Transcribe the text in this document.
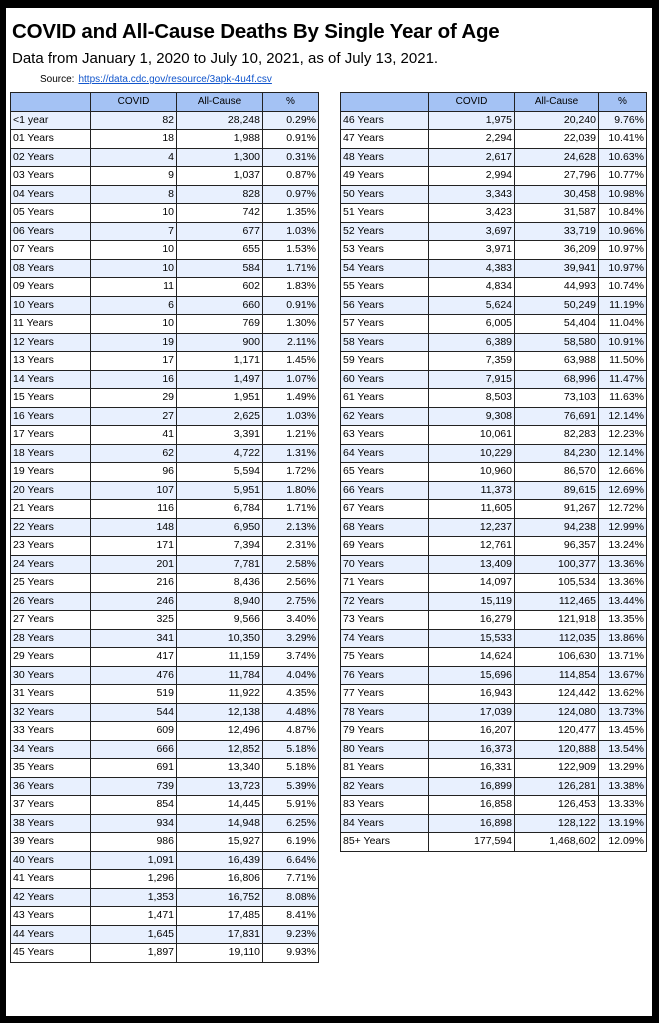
COVID and All-Cause Deaths By Single Year of Age
Data from January 1, 2020 to July 10, 2021, as of July 13, 2021.
Source: https://data.cdc.gov/resource/3apk-4u4f.csv
	COVID	All-Cause	%
<1 year	82	28,248	0.29%
01 Years	18	1,988	0.91%
02 Years	4	1,300	0.31%
03 Years	9	1,037	0.87%
04 Years	8	828	0.97%
05 Years	10	742	1.35%
06 Years	7	677	1.03%
07 Years	10	655	1.53%
08 Years	10	584	1.71%
09 Years	11	602	1.83%
10 Years	6	660	0.91%
11 Years	10	769	1.30%
12 Years	19	900	2.11%
13 Years	17	1,171	1.45%
14 Years	16	1,497	1.07%
15 Years	29	1,951	1.49%
16 Years	27	2,625	1.03%
17 Years	41	3,391	1.21%
18 Years	62	4,722	1.31%
19 Years	96	5,594	1.72%
20 Years	107	5,951	1.80%
21 Years	116	6,784	1.71%
22 Years	148	6,950	2.13%
23 Years	171	7,394	2.31%
24 Years	201	7,781	2.58%
25 Years	216	8,436	2.56%
26 Years	246	8,940	2.75%
27 Years	325	9,566	3.40%
28 Years	341	10,350	3.29%
29 Years	417	11,159	3.74%
30 Years	476	11,784	4.04%
31 Years	519	11,922	4.35%
32 Years	544	12,138	4.48%
33 Years	609	12,496	4.87%
34 Years	666	12,852	5.18%
35 Years	691	13,340	5.18%
36 Years	739	13,723	5.39%
37 Years	854	14,445	5.91%
38 Years	934	14,948	6.25%
39 Years	986	15,927	6.19%
40 Years	1,091	16,439	6.64%
41 Years	1,296	16,806	7.71%
42 Years	1,353	16,752	8.08%
43 Years	1,471	17,485	8.41%
44 Years	1,645	17,831	9.23%
45 Years	1,897	19,110	9.93%
	COVID	All-Cause	%
46 Years	1,975	20,240	9.76%
47 Years	2,294	22,039	10.41%
48 Years	2,617	24,628	10.63%
49 Years	2,994	27,796	10.77%
50 Years	3,343	30,458	10.98%
51 Years	3,423	31,587	10.84%
52 Years	3,697	33,719	10.96%
53 Years	3,971	36,209	10.97%
54 Years	4,383	39,941	10.97%
55 Years	4,834	44,993	10.74%
56 Years	5,624	50,249	11.19%
57 Years	6,005	54,404	11.04%
58 Years	6,389	58,580	10.91%
59 Years	7,359	63,988	11.50%
60 Years	7,915	68,996	11.47%
61 Years	8,503	73,103	11.63%
62 Years	9,308	76,691	12.14%
63 Years	10,061	82,283	12.23%
64 Years	10,229	84,230	12.14%
65 Years	10,960	86,570	12.66%
66 Years	11,373	89,615	12.69%
67 Years	11,605	91,267	12.72%
68 Years	12,237	94,238	12.99%
69 Years	12,761	96,357	13.24%
70 Years	13,409	100,377	13.36%
71 Years	14,097	105,534	13.36%
72 Years	15,119	112,465	13.44%
73 Years	16,279	121,918	13.35%
74 Years	15,533	112,035	13.86%
75 Years	14,624	106,630	13.71%
76 Years	15,696	114,854	13.67%
77 Years	16,943	124,442	13.62%
78 Years	17,039	124,080	13.73%
79 Years	16,207	120,477	13.45%
80 Years	16,373	120,888	13.54%
81 Years	16,331	122,909	13.29%
82 Years	16,899	126,281	13.38%
83 Years	16,858	126,453	13.33%
84 Years	16,898	128,122	13.19%
85+ Years	177,594	1,468,602	12.09%
